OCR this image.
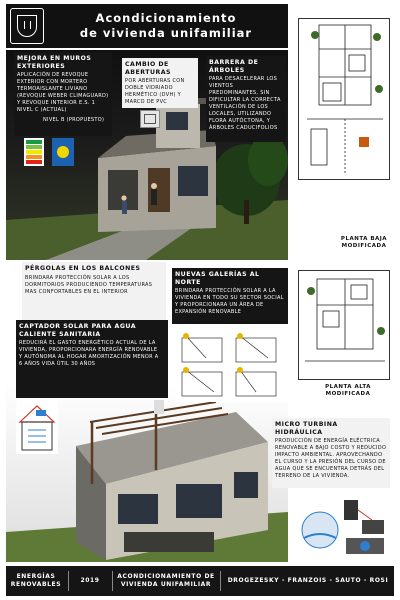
Acondicionamiento
de vivienda unifamiliar
MEJORA EN MUROS EXTERIORES
APLICACIÓN DE REVOQUE EXTERIOR CON MORTERO TERMOAISLANTE LIVIANO (REVOQUE WEBER CLIMAGUARD) Y REVOQUE INTERIOR E.S. 1 NIVEL C (ACTUAL)
NIVEL B (PROPUESTO)
CAMBIO DE ABERTURAS
POR ABERTURAS CON DOBLE VIDRIADO HERMÉTICO (DVH) Y MARCO DE PVC
BARRERA DE ÁRBOLES
PARA DESACELERAR LOS VIENTOS PREDOMINANTES, SIN DIFICULTAR LA CORRECTA VENTILACIÓN DE LOS LOCALES, UTILIZANDO FLORA AUTÓCTONA, Y ÁRBOLES CADUCIFOLIOS
PÉRGOLAS EN LOS BALCONES
BRINDARA PROTECCIÓN SOLAR A LOS DORMITORIOS PRODUCIENDO TEMPERATURAS MAS CONFORTABLES EN EL INTERIOR
NUEVAS GALERÍAS AL NORTE
BRINDARA PROTECCIÓN SOLAR A LA VIVIENDA EN TODO SU SECTOR SOCIAL Y PROPORCIONARA UN ÁREA DE EXPANSIÓN RENOVABLE
CAPTADOR SOLAR PARA AGUA CALIENTE SANITARIA
REDUCIRÁ EL GASTO ENERGÉTICO ACTUAL DE LA VIVIENDA, PROPORCIONARA ENERGÍA RENOVABLE Y AUTÓNOMA AL HOGAR AMORTIZACIÓN MENOR A 6 AÑOS VIDA ÚTIL 30 AÑOS
PLANTA BAJA MODIFICADA
PLANTA ALTA MODIFICADA
MICRO TURBINA HIDRÁULICA
PRODUCCIÓN DE ENERGÍA ELÉCTRICA RENOVABLE A BAJO COSTO Y REDUCIDO IMPACTO AMBIENTAL. APROVECHANDO EL CURSO Y LA PRESIÓN DEL CURSO DE AGUA QUE SE ENCUENTRA DETRÁS DEL TERRENO DE LA VIVIENDA.
ENERGÍAS RENOVABLES
2019
ACONDICIONAMIENTO DE VIVIENDA UNIFAMILIAR
DROGEZESKY - FRANZOIS - SAUTO - ROSI
